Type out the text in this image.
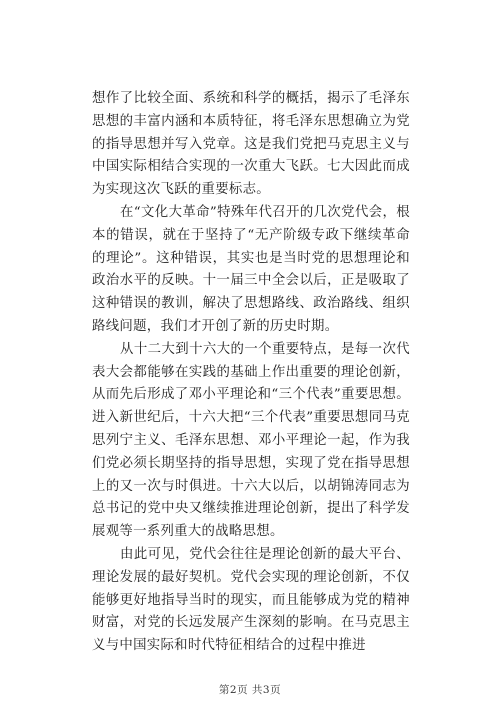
想作了比较全面、系统和科学的概括，揭示了毛泽东思想的丰富内涵和本质特征，将毛泽东思想确立为党的指导思想并写入党章。这是我们党把马克思主义与中国实际相结合实现的一次重大飞跃。七大因此而成为实现这次飞跃的重要标志。

在“文化大革命”特殊年代召开的几次党代会，根本的错误，就在于坚持了“无产阶级专政下继续革命的理论”。这种错误，其实也是当时党的思想理论和政治水平的反映。十一届三中全会以后，正是吸取了这种错误的教训，解决了思想路线、政治路线、组织路线问题，我们才开创了新的历史时期。

从十二大到十六大的一个重要特点，是每一次代表大会都能够在实践的基础上作出重要的理论创新，从而先后形成了邓小平理论和“三个代表”重要思想。进入新世纪后，十六大把“三个代表”重要思想同马克思列宁主义、毛泽东思想、邓小平理论一起，作为我们党必须长期坚持的指导思想，实现了党在指导思想上的又一次与时俱进。十六大以后，以胡锦涛同志为总书记的党中央又继续推进理论创新，提出了科学发展观等一系列重大的战略思想。

由此可见，党代会往往是理论创新的最大平台、理论发展的最好契机。党代会实现的理论创新，不仅能够更好地指导当时的现实，而且能够成为党的精神财富，对党的长远发展产生深刻的影响。在马克思主义与中国实际和时代特征相结合的过程中推进

第2页 共3页
